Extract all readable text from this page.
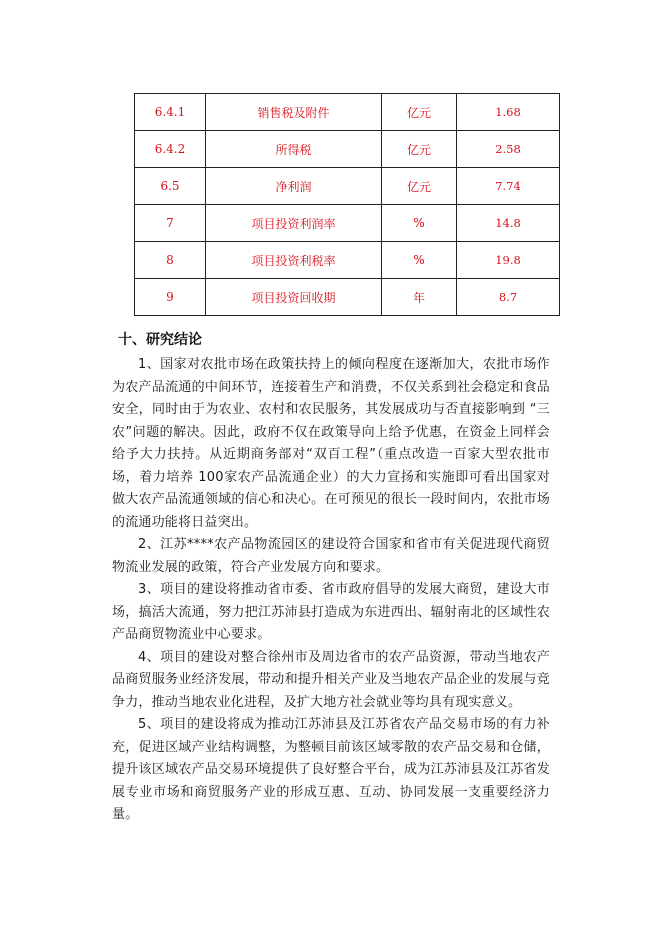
6.4.1	销售税及附件	亿元	1.68
6.4.2	所得税	亿元	2.58
6.5	净利润	亿元	7.74
7	项目投资利润率	%	14.8
8	项目投资利税率	%	19.8
9	项目投资回收期	年	8.7
十、研究结论

1、国家对农批市场在政策扶持上的倾向程度在逐渐加大，农批市场作为农产品流通的中间环节，连接着生产和消费，不仅关系到社会稳定和食品安全，同时由于为农业、农村和农民服务，其发展成功与否直接影响到 “三农”问题的解决。因此，政府不仅在政策导向上给予优惠，在资金上同样会给予大力扶持。从近期商务部对“双百工程”（重点改造一百家大型农批市场，着力培养 100家农产品流通企业）的大力宣扬和实施即可看出国家对做大农产品流通领域的信心和决心。在可预见的很长一段时间内，农批市场的流通功能将日益突出。

2、江苏****农产品物流园区的建设符合国家和省市有关促进现代商贸物流业发展的政策，符合产业发展方向和要求。

3、项目的建设将推动省市委、省市政府倡导的发展大商贸，建设大市场，搞活大流通，努力把江苏沛县打造成为东进西出、辐射南北的区域性农产品商贸物流业中心要求。

4、项目的建设对整合徐州市及周边省市的农产品资源，带动当地农产品商贸服务业经济发展，带动和提升相关产业及当地农产品企业的发展与竞争力，推动当地农业化进程，及扩大地方社会就业等均具有现实意义。

5、项目的建设将成为推动江苏沛县及江苏省农产品交易市场的有力补充，促进区域产业结构调整，为整顿目前该区域零散的农产品交易和仓储，提升该区域农产品交易环境提供了良好整合平台，成为江苏沛县及江苏省发展专业市场和商贸服务产业的形成互惠、互动、协同发展一支重要经济力量。
